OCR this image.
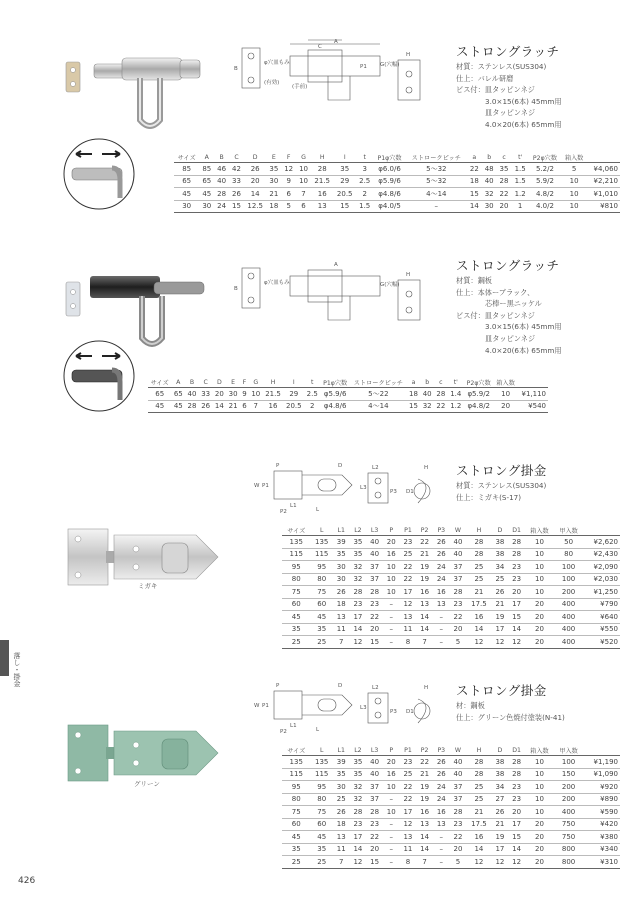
B
A
C
φ穴皿もみ
(有効)
(手前)
P1 G(穴幅)
H	ストロングラッチ
材質：ステンレス(SUS304)
仕上：バレル研磨
ビス付：皿タッピンネジ
3.0×15(6本) 45mm用
皿タッピンネジ
4.0×20(6本) 65mm用
サイズ	A	B	C	D	E	F	G	H	I	t	P1φ穴数	ストロークピッチ	a	b	c	t'	P2φ穴数	箱入数	
85	85	46	42	26	35	12	10	28	35	3	φ6.0/6	5〜32	22	48	35	1.5	5.2/2	5	¥4,060
65	65	40	33	20	30	9	10	21.5	29	2.5	φ5.9/6	5〜32	18	40	28	1.5	5.9/2	10	¥2,210
45	45	28	26	14	21	6	7	16	20.5	2	φ4.8/6	4〜14	15	32	22	1.2	4.8/2	10	¥1,010
30	30	24	15	12.5	18	5	6	13	15	1.5	φ4.0/5	–	14	30	20	1	4.0/2	10	¥810
B
A
φ穴皿もみ	G(穴幅)
H
ストロングラッチ
材質：鋼板
仕上：本体ーブラック、
芯棒ー黒ニッケル
ビス付：皿タッピンネジ
3.0×15(6本) 45mm用
皿タッピンネジ
4.0×20(6本) 65mm用
サイズ	A	B	C	D	E	F	G	H	I	t	P1φ穴数	ストロークピッチ	a	b	c	t'	P2φ穴数	箱入数	
65	65	40	33	20	30	9	10	21.5	29	2.5	φ5.9/6	5〜22	18	40	28	1.4	φ5.9/2	10	¥1,110
45	45	28	26	14	21	6	7	16	20.5	2	φ4.8/6	4〜14	15	32	22	1.2	φ4.8/2	20	¥540
P	D	L2	H
W P1
L1
L
P2
L3
P3 D1
ストロング掛金
材質：ステンレス(SUS304)
仕上：ミガキ(S-17)
ミガキ
サイズ	L	L1	L2	L3	P	P1	P2	P3	W	H	D	D1	箱入数	甲入数	
135	135	39	35	40	20	23	22	26	40	28	38	28	10	50	¥2,620
115	115	35	35	40	16	25	21	26	40	28	38	28	10	80	¥2,430
95	95	30	32	37	10	22	19	24	37	25	34	23	10	100	¥2,090
80	80	30	32	37	10	22	19	24	37	25	25	23	10	100	¥2,030
75	75	26	28	28	10	17	16	16	28	21	26	20	10	200	¥1,250
60	60	18	23	23	–	12	13	13	23	17.5	21	17	20	400	¥790
45	45	13	17	22	–	13	14	–	22	16	19	15	20	400	¥640
35	35	11	14	20	–	11	14	–	20	14	17	14	20	400	¥550
25	25	7	12	15	–	8	7	–	5	12	12	12	20	400	¥520
P	D	L2	H
W P1
L1
L
P2
L3
P3 D1
ストロング掛金
材：鋼板
仕上：グリーン色焼付塗装(N-41)
グリーン
サイズ	L	L1	L2	L3	P	P1	P2	P3	W	H	D	D1	箱入数	甲入数	
135	135	39	35	40	20	23	22	26	40	28	38	28	10	100	¥1,190
115	115	35	35	40	16	25	21	26	40	28	38	28	10	150	¥1,090
95	95	30	32	37	10	22	19	24	37	25	34	23	10	200	¥920
80	80	25	32	37	–	22	19	24	37	25	27	23	10	200	¥890
75	75	26	28	28	10	17	16	16	28	21	26	20	10	400	¥590
60	60	18	23	23	–	12	13	13	23	17.5	21	17	20	750	¥420
45	45	13	17	22	–	13	14	–	22	16	19	15	20	750	¥380
35	35	11	14	20	–	11	14	–	20	14	17	14	20	800	¥340
25	25	7	12	15	–	8	7	–	5	12	12	12	20	800	¥310
落し・掛金
426
